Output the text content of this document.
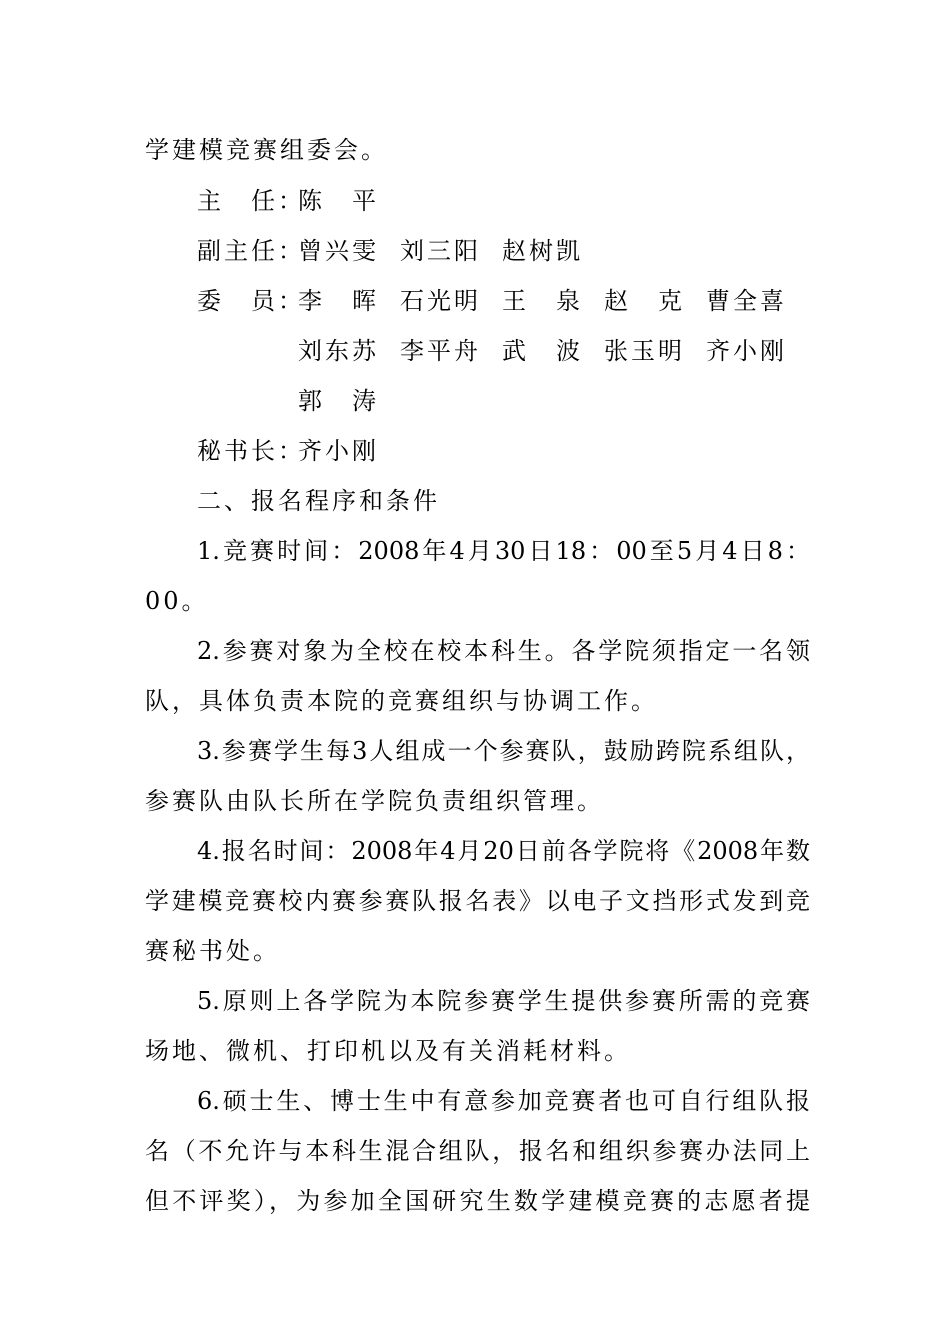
学建模竞赛组委会。
主　任：
陈　平
副主任：
曾兴雯 刘三阳 赵树凯
委　员：
李　晖 石光明 王　泉 赵　克 曹全喜
刘东苏 李平舟 武　波 张玉明 齐小刚
郭　涛
秘书长：
齐小刚
二、报名程序和条件
1.竞赛时间：2008年4月30日18：00至5月4日8：
00。
2.参赛对象为全校在校本科生。各学院须指定一名领
队，具体负责本院的竞赛组织与协调工作。
3.参赛学生每3人组成一个参赛队，鼓励跨院系组队，
参赛队由队长所在学院负责组织管理。
4.报名时间：2008年4月20日前各学院将《2008年数
学建模竞赛校内赛参赛队报名表》以电子文挡形式发到竞
赛秘书处。
5.原则上各学院为本院参赛学生提供参赛所需的竞赛
场地、微机、打印机以及有关消耗材料。
6.硕士生、博士生中有意参加竞赛者也可自行组队报
名（不允许与本科生混合组队，报名和组织参赛办法同上
但不评奖），为参加全国研究生数学建模竞赛的志愿者提
